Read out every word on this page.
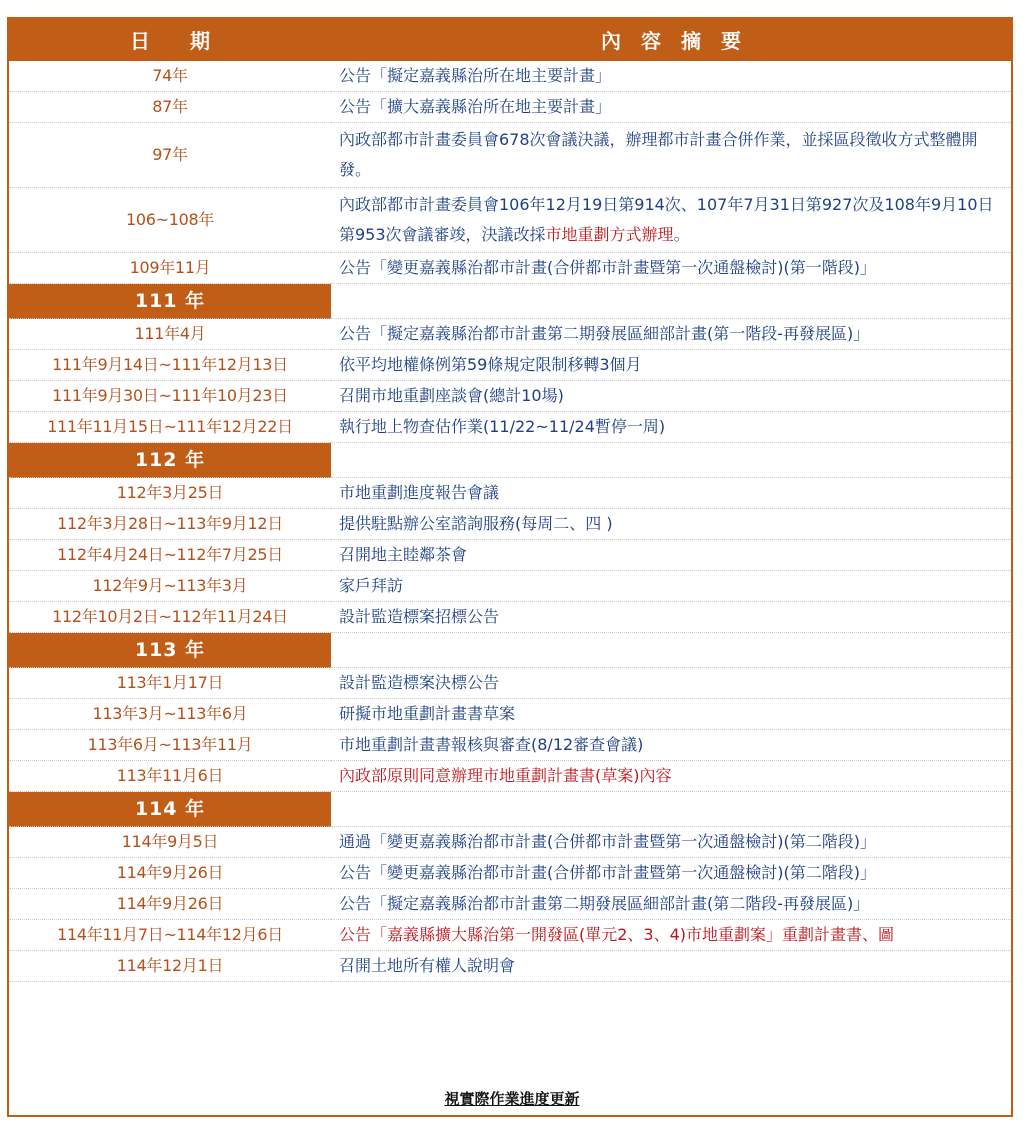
日　　期	內　容　摘　要
74年	公告「擬定嘉義縣治所在地主要計畫」
87年	公告「擴大嘉義縣治所在地主要計畫」
97年	內政部都市計畫委員會678次會議決議，辦理都市計畫合併作業，並採區段徵收方式整體開發。
106~108年	內政部都市計畫委員會106年12月19日第914次、107年7月31日第927次及108年9月10日第953次會議審竣，決議改採市地重劃方式辦理。
109年11月	公告「變更嘉義縣治都市計畫(合併都市計畫暨第一次通盤檢討)(第一階段)」
111 年	
111年4月	公告「擬定嘉義縣治都市計畫第二期發展區細部計畫(第一階段-再發展區)」
111年9月14日~111年12月13日	依平均地權條例第59條規定限制移轉3個月
111年9月30日~111年10月23日	召開市地重劃座談會(總計10場)
111年11月15日~111年12月22日	執行地上物查估作業(11/22~11/24暫停一周)
112 年	
112年3月25日	市地重劃進度報告會議
112年3月28日~113年9月12日	提供駐點辦公室諮詢服務(每周二、四 )
112年4月24日~112年7月25日	召開地主睦鄰茶會
112年9月~113年3月	家戶拜訪
112年10月2日~112年11月24日	設計監造標案招標公告
113 年	
113年1月17日	設計監造標案決標公告
113年3月~113年6月	研擬市地重劃計畫書草案
113年6月~113年11月	市地重劃計畫書報核與審查(8/12審查會議)
113年11月6日	內政部原則同意辦理市地重劃計畫書(草案)內容
114 年	
114年9月5日	通過「變更嘉義縣治都市計畫(合併都市計畫暨第一次通盤檢討)(第二階段)」
114年9月26日	公告「變更嘉義縣治都市計畫(合併都市計畫暨第一次通盤檢討)(第二階段)」
114年9月26日	公告「擬定嘉義縣治都市計畫第二期發展區細部計畫(第二階段-再發展區)」
114年11月7日~114年12月6日	公告「嘉義縣擴大縣治第一開發區(單元2、3、4)市地重劃案」重劃計畫書、圖
114年12月1日	召開土地所有權人說明會
視實際作業進度更新
